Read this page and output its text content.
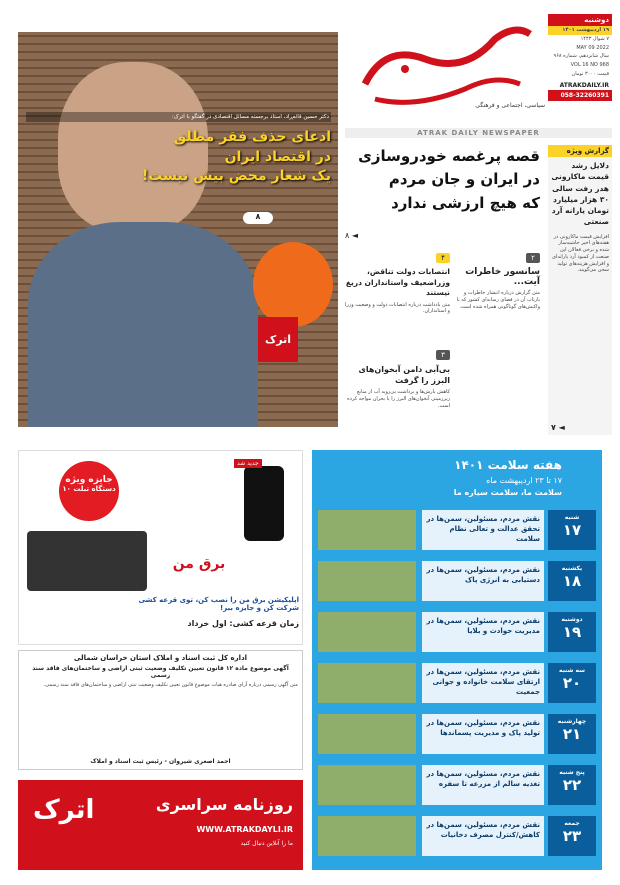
سیاسی، اجتماعی و فرهنگی
دوشنبه
۱۹ اردیبهشت ۱۴۰۱
۷ شوال ۱۴۴۳
MAY 09 2022
سال شانزدهم، شماره ۹۶۸
VOL 16 NO 968
قیمت ۳۰۰۰ تومان
ATRAKDAILY.IR
058-32260391
ATRAK DAILY NEWSPAPER
اترک
دکتر حسین قائم‌راد، استاد برجسته مسائل اقتصادی در گفتگو با اترک:
ادعای حذف فقر مطلق
در اقتصاد ایران
یک شعار محض بیش نیست!
۸
قصه پرغصه خودروسازی
در ایران و جان مردم
که هیچ ارزشی ندارد
◄ ۸
گزارش ویژه
دلایل رشد قیمت ماکارونی هدر رفت سالی ۳۰ هزار میلیارد تومان یارانه آرد صنعتی
افزایش قیمت ماکارونی در هفته‌های اخیر حاشیه‌ساز شده و برخی فعالان این صنعت از کمبود آرد یارانه‌ای و افزایش هزینه‌های تولید سخن می‌گویند.
◄ ۷
۲
سانسور خاطرات آیت...
متن گزارش درباره انتشار خاطرات و بازتاب آن در فضای رسانه‌ای کشور که با واکنش‌های گوناگونی همراه شده است.
۴
انتصابات دولت تناقض، وزراضعیف واستانداران دریغ نیستند
متن یادداشت درباره انتصابات دولت و وضعیت وزرا و استانداران.
۳
بی‌آبی دامن آبخوان‌های البرز را گرفت
کاهش بارش‌ها و برداشت بی‌رویه آب از منابع زیرزمینی آبخوان‌های البرز را با بحران مواجه کرده است.
جایزه ویژه
۱۰ دستگاه تبلت
جدید شد
برق من
اپلیکیشن برق من را نصب کن، توی قرعه کشی شرکت کن و جایزه ببر!
زمان قرعه کشی: اول خرداد
اداره کل ثبت اسناد و املاک استان خراسان شمالی
آگهی موضوع ماده ۱۲ قانون تعیین تکلیف وضعیت ثبتی اراضی و ساختمان‌های فاقد سند رسمی
متن آگهی رسمی درباره آرای صادره هیات موضوع قانون تعیین تکلیف وضعیت ثبتی اراضی و ساختمان‌های فاقد سند رسمی.
احمد اصغری شیروان - رئیس ثبت اسناد و املاک
روزنامه سراسری
WWW.ATRAKDAYLI.IR
ما را آنلاین دنبال کنید
اترک
هفته سلامت ۱۴۰۱
۱۷ تا ۲۳ اردیبهشت ماه
سلامت ما، سلامت سیاره ما
شنبه
۱۷
نقش مردم، مسئولین، سمن‌ها در تحقق عدالت و تعالی نظام سلامت
یکشنبه
۱۸
نقش مردم، مسئولین، سمن‌ها در دستیابی به انرژی پاک
دوشنبه
۱۹
نقش مردم، مسئولین، سمن‌ها در مدیریت حوادث و بلایا
سه شنبه
۲۰
نقش مردم، مسئولین، سمن‌ها در ارتقای سلامت خانواده و جوانی جمعیت
چهارشنبه
۲۱
نقش مردم، مسئولین، سمن‌ها در تولید پاک و مدیریت پسماندها
پنج شنبه
۲۲
نقش مردم، مسئولین، سمن‌ها در تغذیه سالم از مزرعه تا سفره
جمعه
۲۳
نقش مردم، مسئولین، سمن‌ها در کاهش/کنترل مصرف دخانیات
